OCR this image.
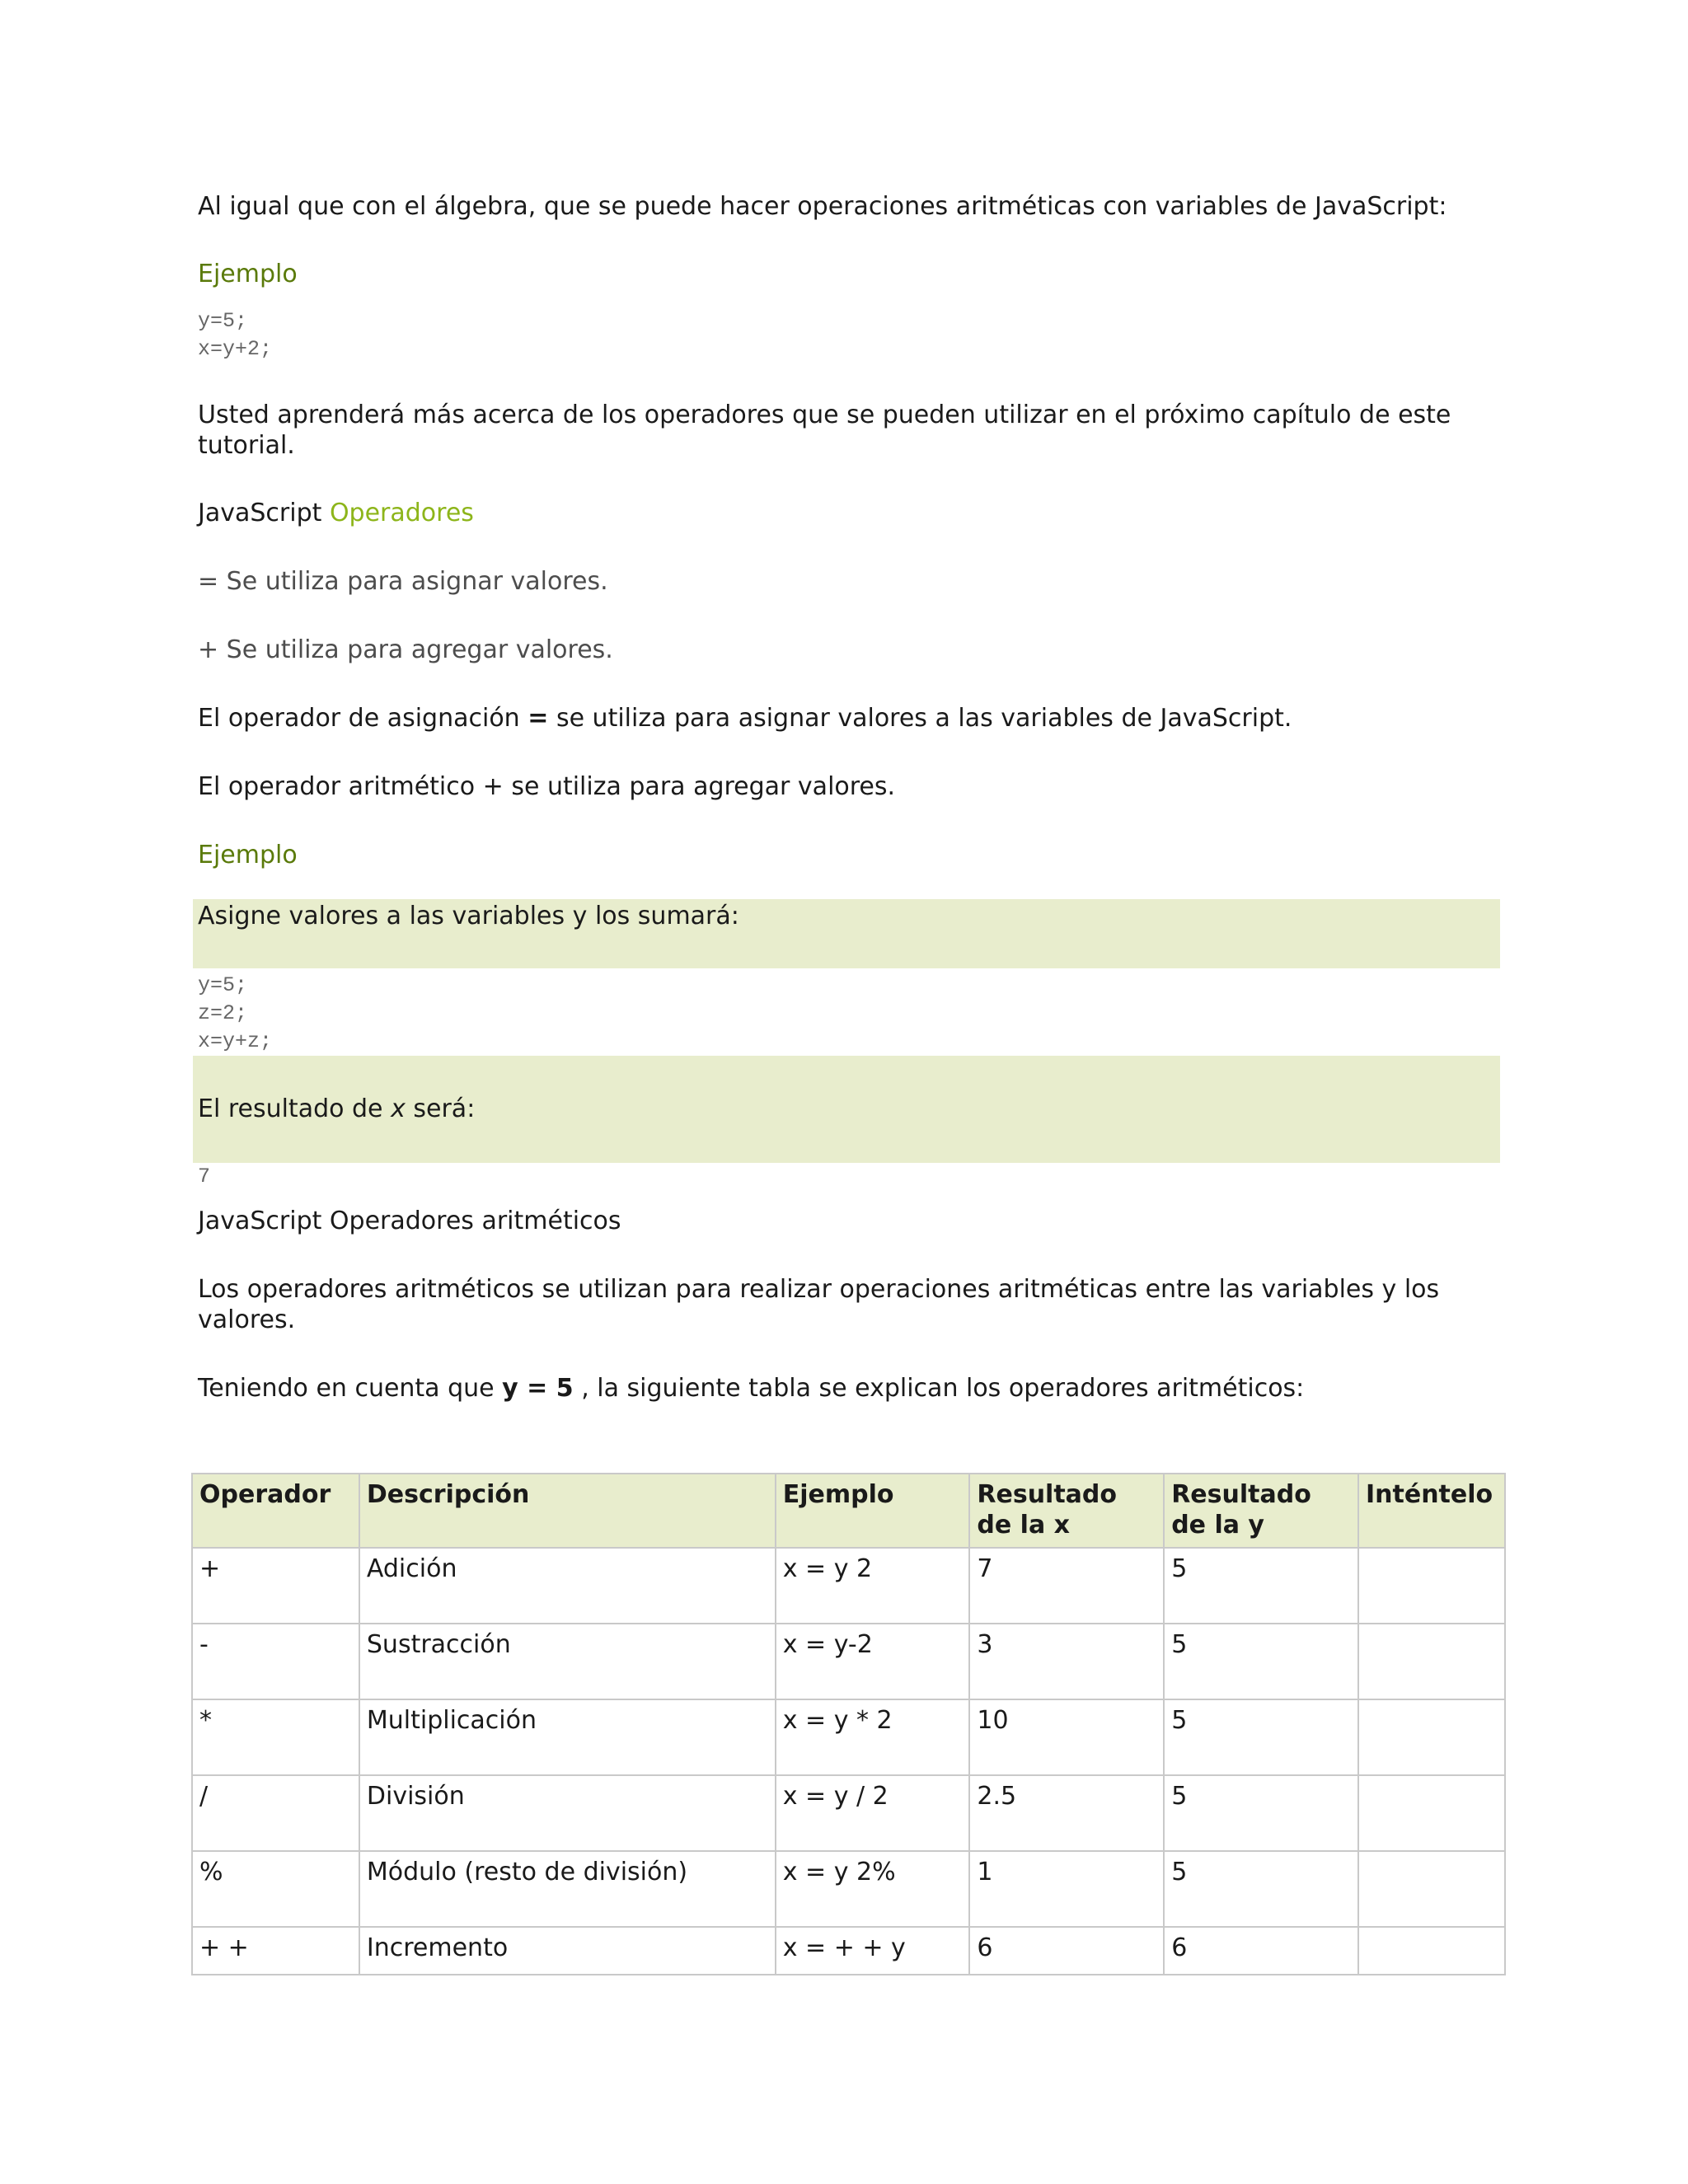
Al igual que con el álgebra, que se puede hacer operaciones aritméticas con variables de JavaScript:

Ejemplo

y=5;
x=y+2;

Usted aprenderá más acerca de los operadores que se pueden utilizar en el próximo capítulo de este tutorial.

JavaScript Operadores

= Se utiliza para asignar valores.

+ Se utiliza para agregar valores.

El operador de asignación = se utiliza para asignar valores a las variables de JavaScript.

El operador aritmético + se utiliza para agregar valores.

Ejemplo

Asigne valores a las variables y los sumará:
y=5;
z=2;
x=y+z;
El resultado de x será:
7

JavaScript Operadores aritméticos

Los operadores aritméticos se utilizan para realizar operaciones aritméticas entre las variables y los valores.

Teniendo en cuenta que y = 5 , la siguiente tabla se explican los operadores aritméticos:

Operador	Descripción	Ejemplo	Resultado de la x	Resultado de la y	Inténtelo
+	Adición	x = y 2	7	5	
-	Sustracción	x = y-2	3	5	
*	Multiplicación	x = y * 2	10	5	
/	División	x = y / 2	2.5	5	
%	Módulo (resto de división)	x = y 2%	1	5	
+ +	Incremento	x = + + y	6	6	
